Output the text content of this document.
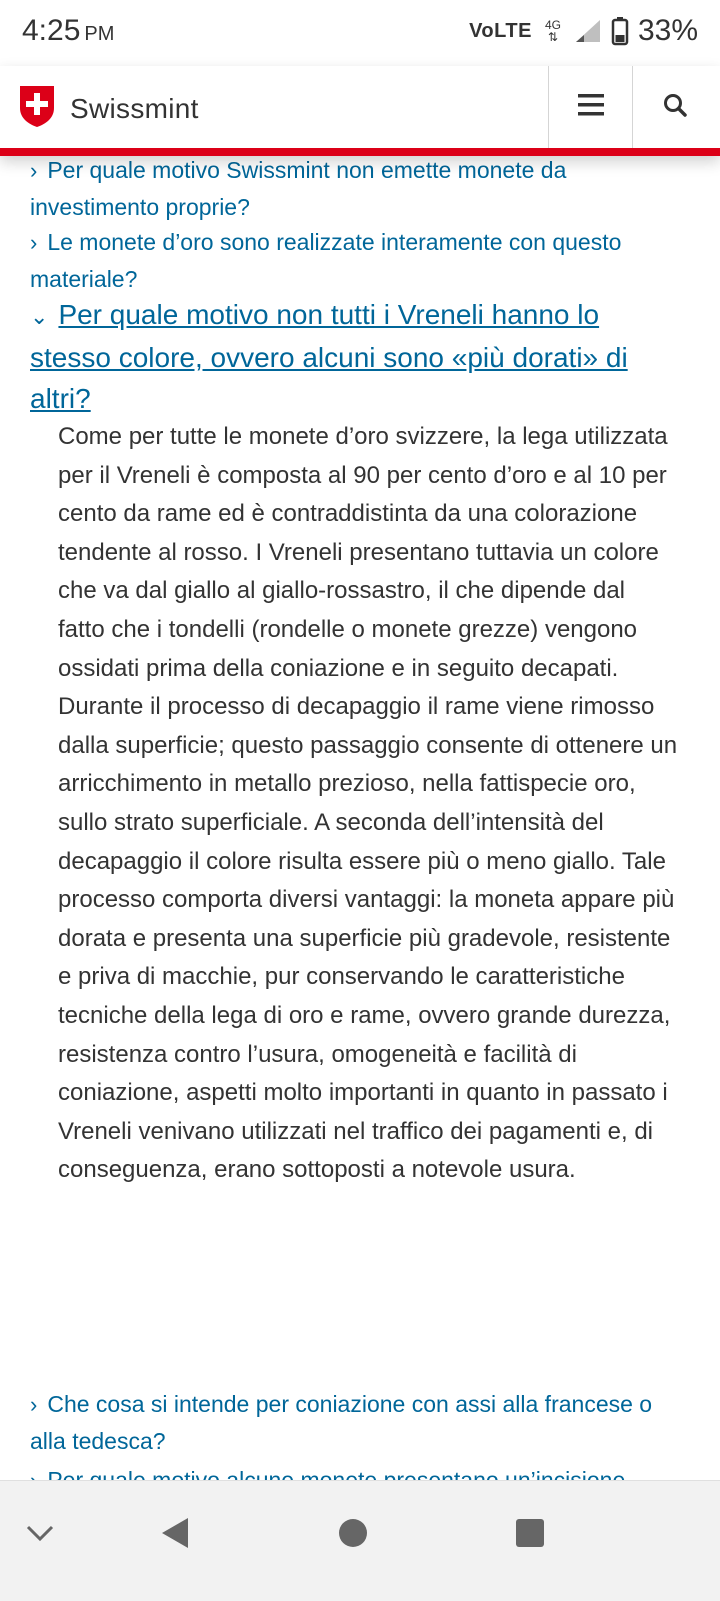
4:25 PM	VoLTE 4G
⇅	33%
Swissmint
› Per quale motivo Swissmint non emette monete da investimento proprie?
› Le monete d’oro sono realizzate interamente con questo materiale?
⌄ Per quale motivo non tutti i Vreneli hanno lo stesso colore, ovvero alcuni sono «più dorati» di altri?
Come per tutte le monete d’oro svizzere, la lega utilizzata per il Vreneli è composta al 90 per cento d’oro e al 10 per cento da rame ed è contraddistinta da una colorazione tendente al rosso. I Vreneli presentano tuttavia un colore che va dal giallo al giallo-rossastro, il che dipende dal fatto che i tondelli (rondelle o monete grezze) vengono ossidati prima della coniazione e in seguito decapati. Durante il processo di decapaggio il rame viene rimosso dalla superficie; questo passaggio consente di ottenere un arricchimento in metallo prezioso, nella fattispecie oro, sullo strato superficiale. A seconda dell’intensità del decapaggio il colore risulta essere più o meno giallo. Tale processo comporta diversi vantaggi: la moneta appare più dorata e presenta una superficie più gradevole, resistente e priva di macchie, pur conservando le caratteristiche tecniche della lega di oro e rame, ovvero grande durezza, resistenza contro l’usura, omogeneità e facilità di coniazione, aspetti molto importanti in quanto in passato i Vreneli venivano utilizzati nel traffico dei pagamenti e, di conseguenza, erano sottoposti a notevole usura.
› Che cosa si intende per coniazione con assi alla francese o alla tedesca?
